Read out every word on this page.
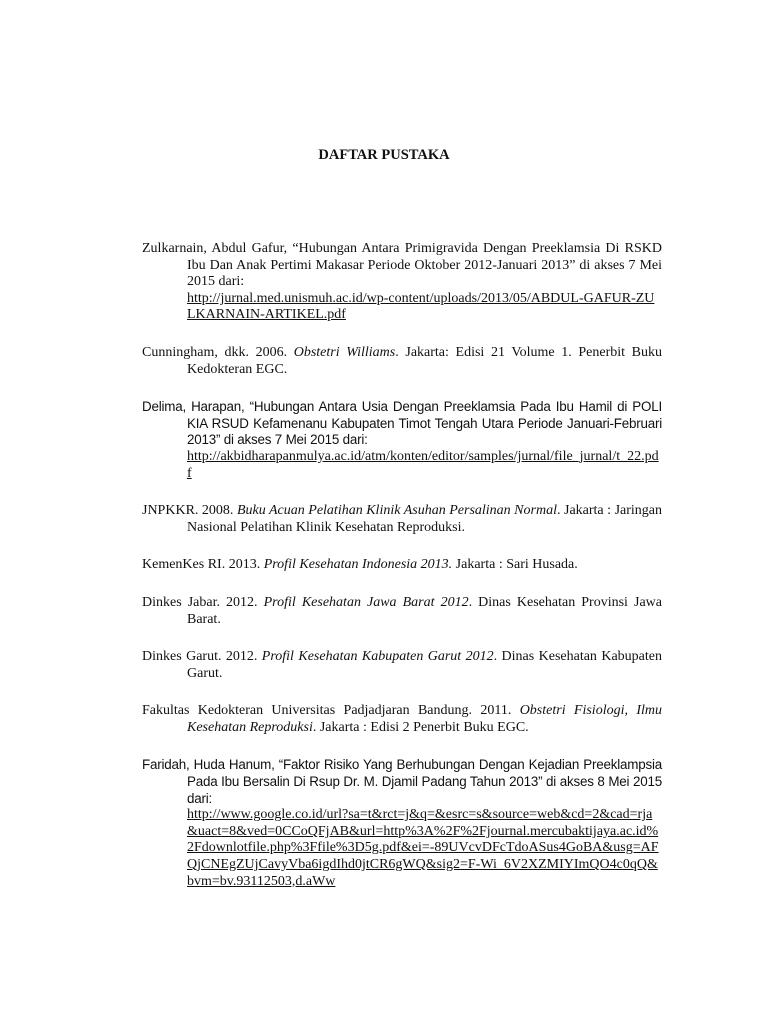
DAFTAR PUSTAKA

Zulkarnain, Abdul Gafur, “Hubungan Antara Primigravida Dengan Preeklamsia Di RSKD Ibu Dan Anak Pertimi Makasar Periode Oktober 2012-Januari 2013” di akses 7 Mei 2015 dari:
http://jurnal.med.unismuh.ac.id/wp-content/uploads/2013/05/ABDUL-GAFUR-ZULKARNAIN-ARTIKEL.pdf

Cunningham, dkk. 2006. Obstetri Williams. Jakarta: Edisi 21 Volume 1. Penerbit Buku Kedokteran EGC.

Delima, Harapan, “Hubungan Antara Usia Dengan Preeklamsia Pada Ibu Hamil di POLI KIA RSUD Kefamenanu Kabupaten Timot Tengah Utara Periode Januari-Februari 2013” di akses 7 Mei 2015 dari:
http://akbidharapanmulya.ac.id/atm/konten/editor/samples/jurnal/file_jurnal/t_22.pdf

JNPKKR. 2008. Buku Acuan Pelatihan Klinik Asuhan Persalinan Normal. Jakarta : Jaringan Nasional Pelatihan Klinik Kesehatan Reproduksi.

KemenKes RI. 2013. Profil Kesehatan Indonesia 2013. Jakarta : Sari Husada.

Dinkes Jabar. 2012. Profil Kesehatan Jawa Barat 2012. Dinas Kesehatan Provinsi Jawa Barat.

Dinkes Garut. 2012. Profil Kesehatan Kabupaten Garut 2012. Dinas Kesehatan Kabupaten Garut.

Fakultas Kedokteran Universitas Padjadjaran Bandung. 2011. Obstetri Fisiologi, Ilmu Kesehatan Reproduksi. Jakarta : Edisi 2 Penerbit Buku EGC.

Faridah, Huda Hanum, “Faktor Risiko Yang Berhubungan Dengan Kejadian Preeklampsia Pada Ibu Bersalin Di Rsup Dr. M. Djamil Padang Tahun 2013” di akses 8 Mei 2015 dari:
http://www.google.co.id/url?sa=t&rct=j&q=&esrc=s&source=web&cd=2&cad=rja&uact=8&ved=0CCoQFjAB&url=http%3A%2F%2Fjournal.mercubaktijaya.ac.id%2Fdownlotfile.php%3Ffile%3D5g.pdf&ei=-89UVcvDFcTdoASus4GoBA&usg=AFQjCNEgZUjCavyVba6igdIhd0jtCR6gWQ&sig2=F-Wi_6V2XZMIYImQO4c0qQ&bvm=bv.93112503,d.aWw
